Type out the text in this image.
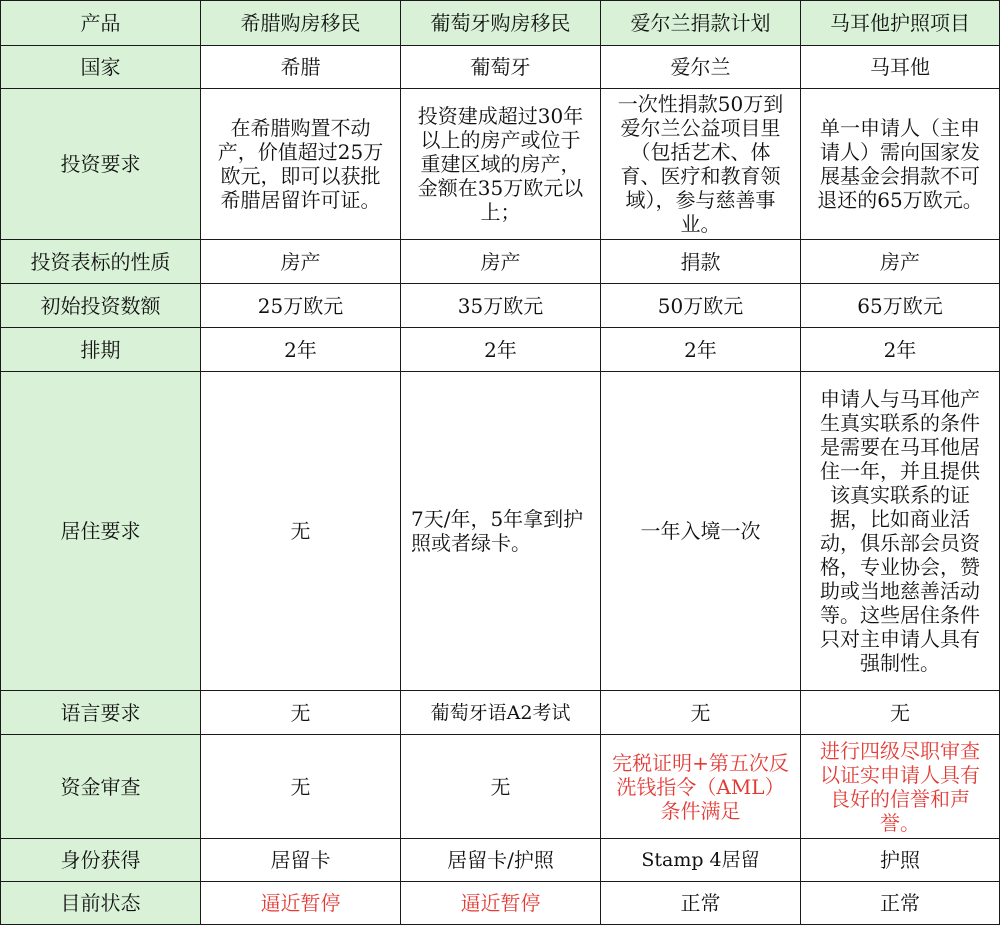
产品	希腊购房移民	葡萄牙购房移民	爱尔兰捐款计划	马耳他护照项目
国家	希腊	葡萄牙	爱尔兰	马耳他
投资要求	在希腊购置不动产，价值超过25万欧元，即可以获批希腊居留许可证。	投资建成超过30年以上的房产或位于重建区域的房产，金额在35万欧元以上；	一次性捐款50万到爱尔兰公益项目里（包括艺术、体育、医疗和教育领域），参与慈善事业。	单一申请人（主申请人）需向国家发展基金会捐款不可退还的65万欧元。
投资表标的性质	房产	房产	捐款	房产
初始投资数额	25万欧元	35万欧元	50万欧元	65万欧元
排期	2年	2年	2年	2年
居住要求	无	7天/年，5年拿到护照或者绿卡。	一年入境一次	申请人与马耳他产生真实联系的条件是需要在马耳他居住一年，并且提供该真实联系的证据，比如商业活动，俱乐部会员资格，专业协会，赞助或当地慈善活动等。这些居住条件只对主申请人具有强制性。
语言要求	无	葡萄牙语A2考试	无	无
资金审查	无	无	完税证明+第五次反洗钱指令（AML）条件满足	进行四级尽职审查以证实申请人具有良好的信誉和声誉。
身份获得	居留卡	居留卡/护照	Stamp 4居留	护照
目前状态	逼近暂停	逼近暂停	正常	正常
